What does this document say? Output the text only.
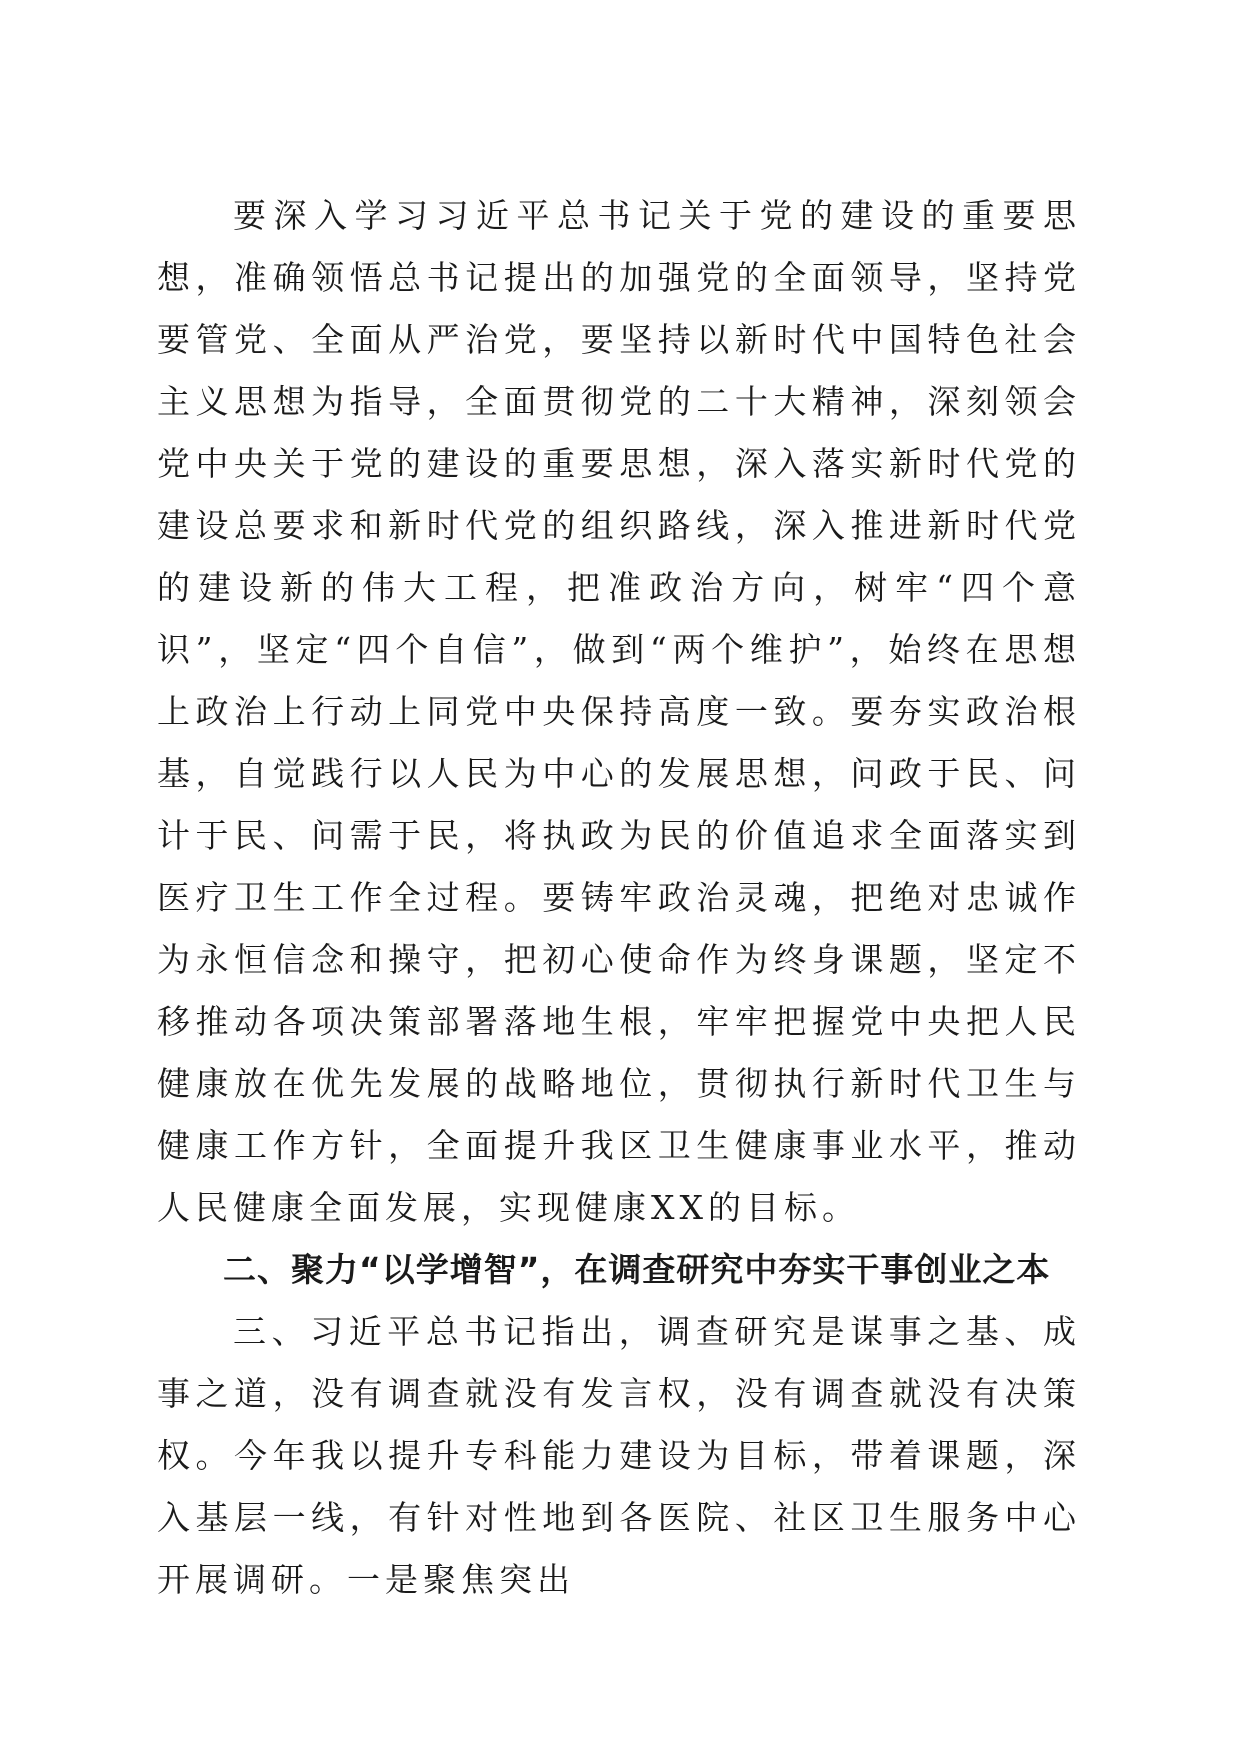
要深入学习习近平总书记关于党的建设的重要思想，准确领悟总书记提出的加强党的全面领导，坚持党要管党、全面从严治党，要坚持以新时代中国特色社会主义思想为指导，全面贯彻党的二十大精神，深刻领会党中央关于党的建设的重要思想，深入落实新时代党的建设总要求和新时代党的组织路线，深入推进新时代党的建设新的伟大工程，把准政治方向，树牢“四个意识”，坚定“四个自信”，做到“两个维护”，始终在思想上政治上行动上同党中央保持高度一致。要夯实政治根基，自觉践行以人民为中心的发展思想，问政于民、问计于民、问需于民，将执政为民的价值追求全面落实到医疗卫生工作全过程。要铸牢政治灵魂，把绝对忠诚作为永恒信念和操守，把初心使命作为终身课题，坚定不移推动各项决策部署落地生根，牢牢把握党中央把人民健康放在优先发展的战略地位，贯彻执行新时代卫生与健康工作方针，全面提升我区卫生健康事业水平，推动人民健康全面发展，实现健康XX的目标。

二、聚力“以学增智”，在调查研究中夯实干事创业之本

三、习近平总书记指出，调查研究是谋事之基、成事之道，没有调查就没有发言权，没有调查就没有决策权。今年我以提升专科能力建设为目标，带着课题，深入基层一线，有针对性地到各医院、社区卫生服务中心开展调研。一是聚焦突出
